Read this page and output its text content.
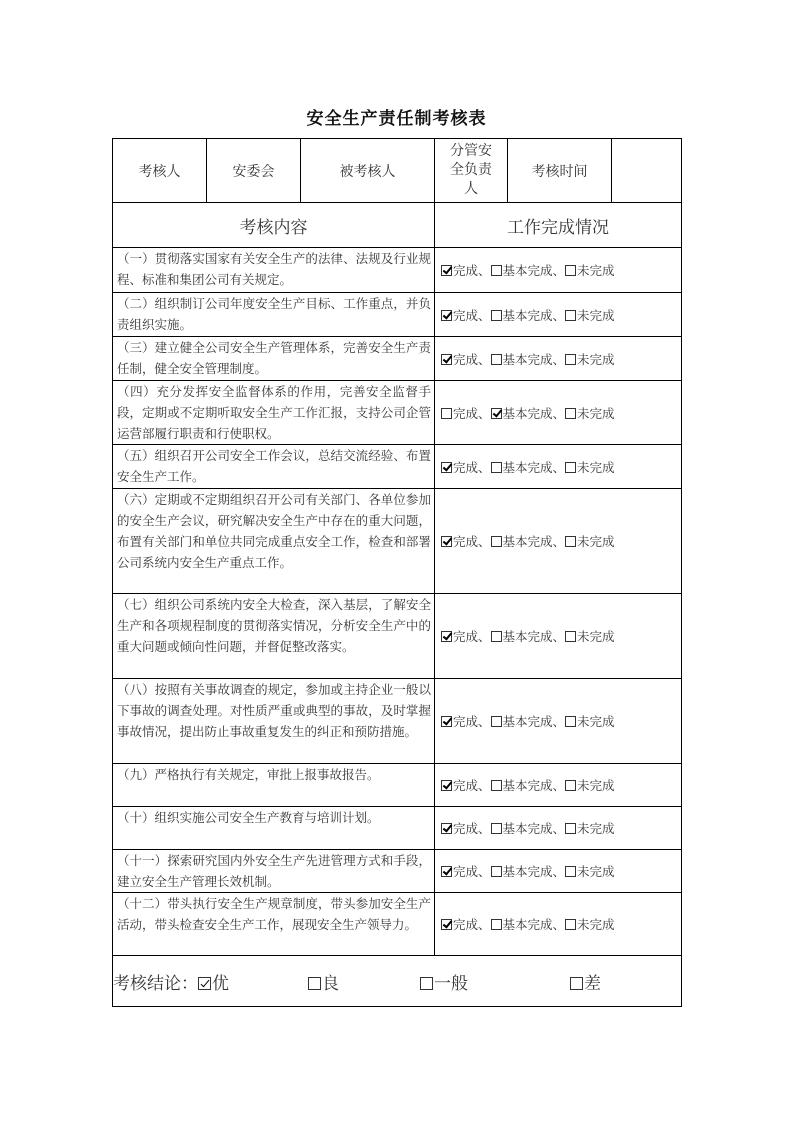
安全生产责任制考核表
考核人	安委会	被考核人	分管安全负责人	考核时间	
考核内容			工作完成情况		
（一）贯彻落实国家有关安全生产的法律、法规及行业规程、标准和集团公司有关规定。			完成、 基本完成、 未完成		
（二）组织制订公司年度安全生产目标、工作重点，并负责组织实施。			完成、 基本完成、 未完成		
（三）建立健全公司安全生产管理体系，完善安全生产责任制，健全安全管理制度。			完成、 基本完成、 未完成		
（四）充分发挥安全监督体系的作用，完善安全监督手段，定期或不定期听取安全生产工作汇报，支持公司企管运营部履行职责和行使职权。			完成、 基本完成、 未完成		
（五）组织召开公司安全工作会议，总结交流经验、布置安全生产工作。			完成、 基本完成、 未完成		
（六）定期或不定期组织召开公司有关部门、各单位参加的安全生产会议，研究解决安全生产中存在的重大问题，布置有关部门和单位共同完成重点安全工作，检查和部署公司系统内安全生产重点工作。			完成、 基本完成、 未完成		
（七）组织公司系统内安全大检查，深入基层，了解安全生产和各项规程制度的贯彻落实情况，分析安全生产中的重大问题或倾向性问题，并督促整改落实。			完成、 基本完成、 未完成		
（八）按照有关事故调查的规定，参加或主持企业一般以下事故的调查处理。对性质严重或典型的事故，及时掌握事故情况，提出防止事故重复发生的纠正和预防措施。			完成、 基本完成、 未完成		
（九）严格执行有关规定，审批上报事故报告。			完成、 基本完成、 未完成		
（十）组织实施公司安全生产教育与培训计划。			完成、 基本完成、 未完成		
（十一）探索研究国内外安全生产先进管理方式和手段，建立安全生产管理长效机制。			完成、 基本完成、 未完成		
（十二）带头执行安全生产规章制度，带头参加安全生产活动，带头检查安全生产工作，展现安全生产领导力。			完成、 基本完成、 未完成		
考核结论： 优 良 一般 差					
